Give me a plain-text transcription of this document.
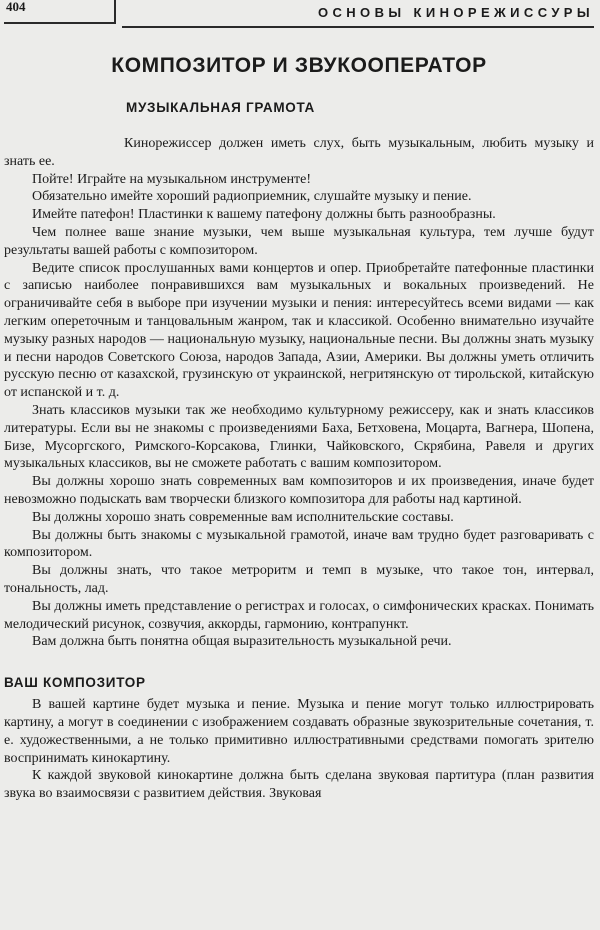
404	ОСНОВЫ КИНОРЕЖИССУРЫ
КОМПОЗИТОР И ЗВУКООПЕРАТОР
МУЗЫКАЛЬНАЯ ГРАМОТА

Кинорежиссер должен иметь слух, быть музыкальным, любить музыку и знать ее.

Пойте! Играйте на музыкальном инструменте!

Обязательно имейте хороший радиоприемник, слушайте музыку и пение.

Имейте патефон! Пластинки к вашему патефону должны быть разнообразны.

Чем полнее ваше знание музыки, чем выше музыкальная культура, тем лучше будут результаты вашей работы с композитором.

Ведите список прослушанных вами концертов и опер. Приобретайте патефонные пластинки с записью наиболее понравившихся вам музыкальных и вокальных произведений. Не ограничивайте себя в выборе при изучении музыки и пения: интересуйтесь всеми видами — как легким опереточным и танцовальным жанром, так и классикой. Особенно внимательно изучайте музыку разных народов — национальную музыку, национальные песни. Вы должны знать музыку и песни народов Советского Союза, народов Запада, Азии, Америки. Вы должны уметь отличить русскую песню от казахской, грузинскую от украинской, негритянскую от тирольской, китайскую от испанской и т. д.

Знать классиков музыки так же необходимо культурному режиссеру, как и знать классиков литературы. Если вы не знакомы с произведениями Баха, Бетховена, Моцарта, Вагнера, Шопена, Бизе, Мусоргского, Римского-Корсакова, Глинки, Чайковского, Скрябина, Равеля и других музыкальных классиков, вы не сможете работать с вашим композитором.

Вы должны хорошо знать современных вам композиторов и их произведения, иначе будет невозможно подыскать вам творчески близкого композитора для работы над картиной.

Вы должны хорошо знать современные вам исполнительские составы.

Вы должны быть знакомы с музыкальной грамотой, иначе вам трудно будет разговаривать с композитором.

Вы должны знать, что такое метроритм и темп в музыке, что такое тон, интервал, тональность, лад.

Вы должны иметь представление о регистрах и голосах, о симфонических красках. Понимать мелодический рисунок, созвучия, аккорды, гармонию, контрапункт.

Вам должна быть понятна общая выразительность музыкальной речи.

ВАШ КОМПОЗИТОР

В вашей картине будет музыка и пение. Музыка и пение могут только иллюстрировать картину, а могут в соединении с изображением создавать образные звукозрительные сочетания, т. е. художественными, а не только примитивно иллюстративными средствами помогать зрителю воспринимать кинокартину.

К каждой звуковой кинокартине должна быть сделана звуковая партитура (план развития звука во взаимосвязи с развитием действия. Звуковая
